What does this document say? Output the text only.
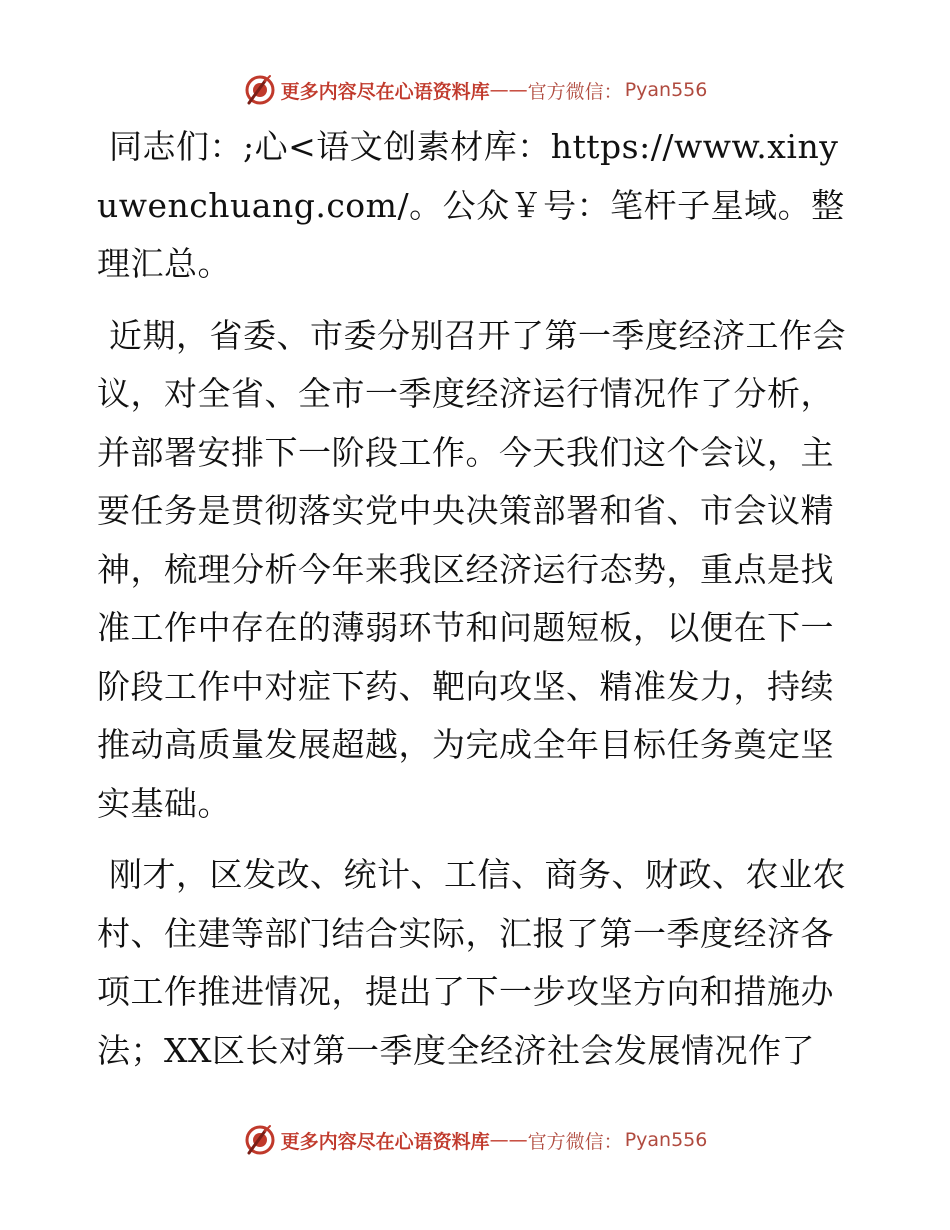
更多内容尽在心语资料库 —— 官方微信： Pyan556

同志们：;心<语文创素材库：https://www.xinyuwenchuang.com/。公众￥号：笔杆子星域。整理汇总。

近期，省委、市委分别召开了第一季度经济工作会议，对全省、全市一季度经济运行情况作了分析，并部署安排下一阶段工作。今天我们这个会议，主要任务是贯彻落实党中央决策部署和省、市会议精神，梳理分析今年来我区经济运行态势，重点是找准工作中存在的薄弱环节和问题短板，以便在下一阶段工作中对症下药、靶向攻坚、精准发力，持续推动高质量发展超越，为完成全年目标任务奠定坚实基础。

刚才，区发改、统计、工信、商务、财政、农业农村、住建等部门结合实际，汇报了第一季度经济各项工作推进情况，提出了下一步攻坚方向和措施办法；XX区长对第一季度全经济社会发展情况作了

更多内容尽在心语资料库 —— 官方微信： Pyan556
